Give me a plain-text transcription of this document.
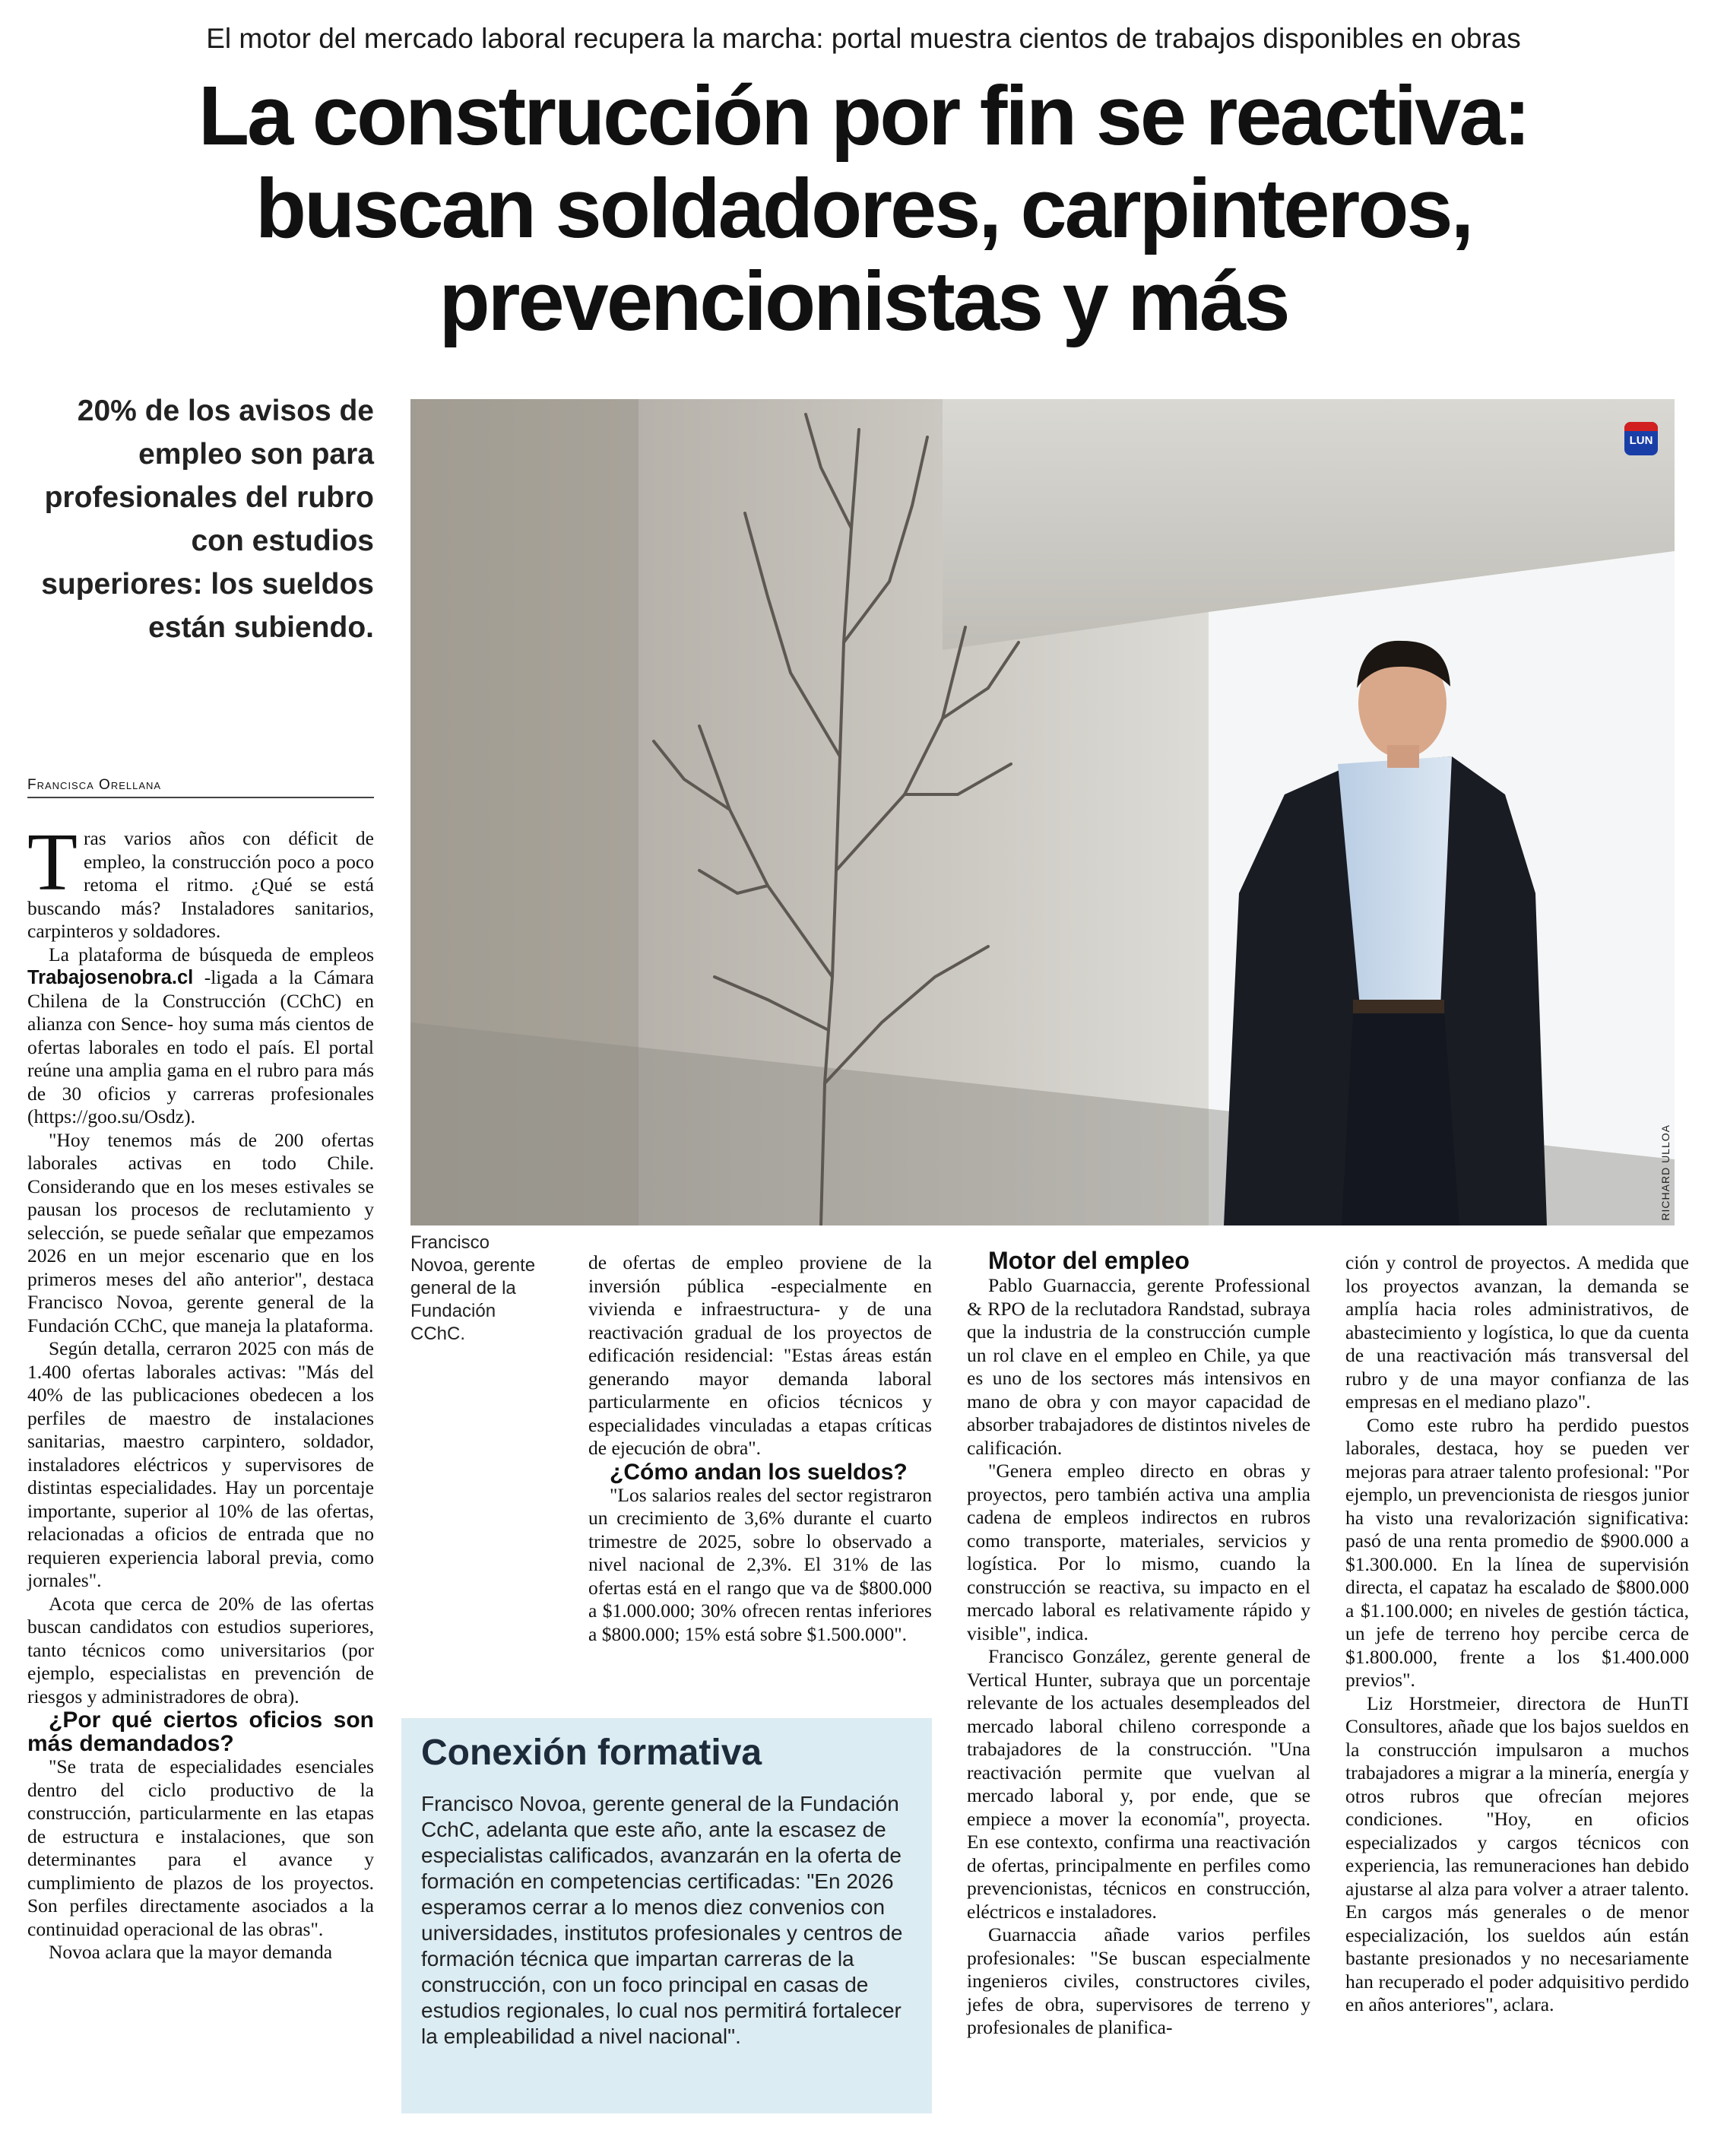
El motor del mercado laboral recupera la marcha: portal muestra cientos de trabajos disponibles en obras
La construcción por fin se reactiva:
buscan soldadores, carpinteros,
prevencionistas y más
20% de los avisos de empleo son para profesionales del rubro con estudios superiores: los sueldos están subiendo.
Francisca Orellana
LUN
RICHARD ULLOA
Francisco Novoa, gerente general de la Fundación CChC.

Tras varios años con déficit de empleo, la construcción poco a poco retoma el ritmo. ¿Qué se está buscando más? Instaladores sanitarios, carpinteros y soldadores.

La plataforma de búsqueda de empleos Trabajosenobra.cl -ligada a la Cámara Chilena de la Construcción (CChC) en alianza con Sence- hoy suma más cientos de ofertas laborales en todo el país. El portal reúne una amplia gama en el rubro para más de 30 oficios y carreras profesionales (https://goo.su/Osdz).

"Hoy tenemos más de 200 ofertas laborales activas en todo Chile. Considerando que en los meses estivales se pausan los procesos de reclutamiento y selección, se puede señalar que empezamos 2026 en un mejor escenario que en los primeros meses del año anterior", destaca Francisco Novoa, gerente general de la Fundación CChC, que maneja la plataforma.

Según detalla, cerraron 2025 con más de 1.400 ofertas laborales activas: "Más del 40% de las publicaciones obedecen a los perfiles de maestro de instalaciones sanitarias, maestro carpintero, soldador, instaladores eléctricos y supervisores de distintas especialidades. Hay un porcentaje importante, superior al 10% de las ofertas, relacionadas a oficios de entrada que no requieren experiencia laboral previa, como jornales".

Acota que cerca de 20% de las ofertas buscan candidatos con estudios superiores, tanto técnicos como universitarios (por ejemplo, especialistas en prevención de riesgos y administradores de obra).

¿Por qué ciertos oficios son más demandados?

"Se trata de especialidades esenciales dentro del ciclo productivo de la construcción, particularmente en las etapas de estructura e instalaciones, que son determinantes para el avance y cumplimiento de plazos de los proyectos. Son perfiles directamente asociados a la continuidad operacional de las obras".

Novoa aclara que la mayor demanda

de ofertas de empleo proviene de la inversión pública -especialmente en vivienda e infraestructura- y de una reactivación gradual de los proyectos de edificación residencial: "Estas áreas están generando mayor demanda laboral particularmente en oficios técnicos y especialidades vinculadas a etapas críticas de ejecución de obra".

¿Cómo andan los sueldos?

"Los salarios reales del sector registraron un crecimiento de 3,6% durante el cuarto trimestre de 2025, sobre lo observado a nivel nacional de 2,3%. El 31% de las ofertas está en el rango que va de $800.000 a $1.000.000; 30% ofrecen rentas inferiores a $800.000; 15% está sobre $1.500.000".

Conexión formativa
Francisco Novoa, gerente general de la Fundación CchC, adelanta que este año, ante la escasez de especialistas calificados, avanzarán en la oferta de formación en competencias certificadas: "En 2026 esperamos cerrar a lo menos diez convenios con universidades, institutos profesionales y centros de formación técnica que impartan carreras de la construcción, con un foco principal en casas de estudios regionales, lo cual nos permitirá fortalecer la empleabilidad a nivel nacional".
Motor del empleo

Pablo Guarnaccia, gerente Professional & RPO de la reclutadora Randstad, subraya que la industria de la construcción cumple un rol clave en el empleo en Chile, ya que es uno de los sectores más intensivos en mano de obra y con mayor capacidad de absorber trabajadores de distintos niveles de calificación.

"Genera empleo directo en obras y proyectos, pero también activa una amplia cadena de empleos indirectos en rubros como transporte, materiales, servicios y logística. Por lo mismo, cuando la construcción se reactiva, su impacto en el mercado laboral es relativamente rápido y visible", indica.

Francisco González, gerente general de Vertical Hunter, subraya que un porcentaje relevante de los actuales desempleados del mercado laboral chileno corresponde a trabajadores de la construcción. "Una reactivación permite que vuelvan al mercado laboral y, por ende, que se empiece a mover la economía", proyecta. En ese contexto, confirma una reactivación de ofertas, principalmente en perfiles como prevencionistas, técnicos en construcción, eléctricos e instaladores.

Guarnaccia añade varios perfiles profesionales: "Se buscan especialmente ingenieros civiles, constructores civiles, jefes de obra, supervisores de terreno y profesionales de planifica-

ción y control de proyectos. A medida que los proyectos avanzan, la demanda se amplía hacia roles administrativos, de abastecimiento y logística, lo que da cuenta de una reactivación más transversal del rubro y de una mayor confianza de las empresas en el mediano plazo".

Como este rubro ha perdido puestos laborales, destaca, hoy se pueden ver mejoras para atraer talento profesional: "Por ejemplo, un prevencionista de riesgos junior ha visto una revalorización significativa: pasó de una renta promedio de $900.000 a $1.300.000. En la línea de supervisión directa, el capataz ha escalado de $800.000 a $1.100.000; en niveles de gestión táctica, un jefe de terreno hoy percibe cerca de $1.800.000, frente a los $1.400.000 previos".

Liz Horstmeier, directora de HunTI Consultores, añade que los bajos sueldos en la construcción impulsaron a muchos trabajadores a migrar a la minería, energía y otros rubros que ofrecían mejores condiciones. "Hoy, en oficios especializados y cargos técnicos con experiencia, las remuneraciones han debido ajustarse al alza para volver a atraer talento. En cargos más generales o de menor especialización, los sueldos aún están bastante presionados y no necesariamente han recuperado el poder adquisitivo perdido en años anteriores", aclara.
